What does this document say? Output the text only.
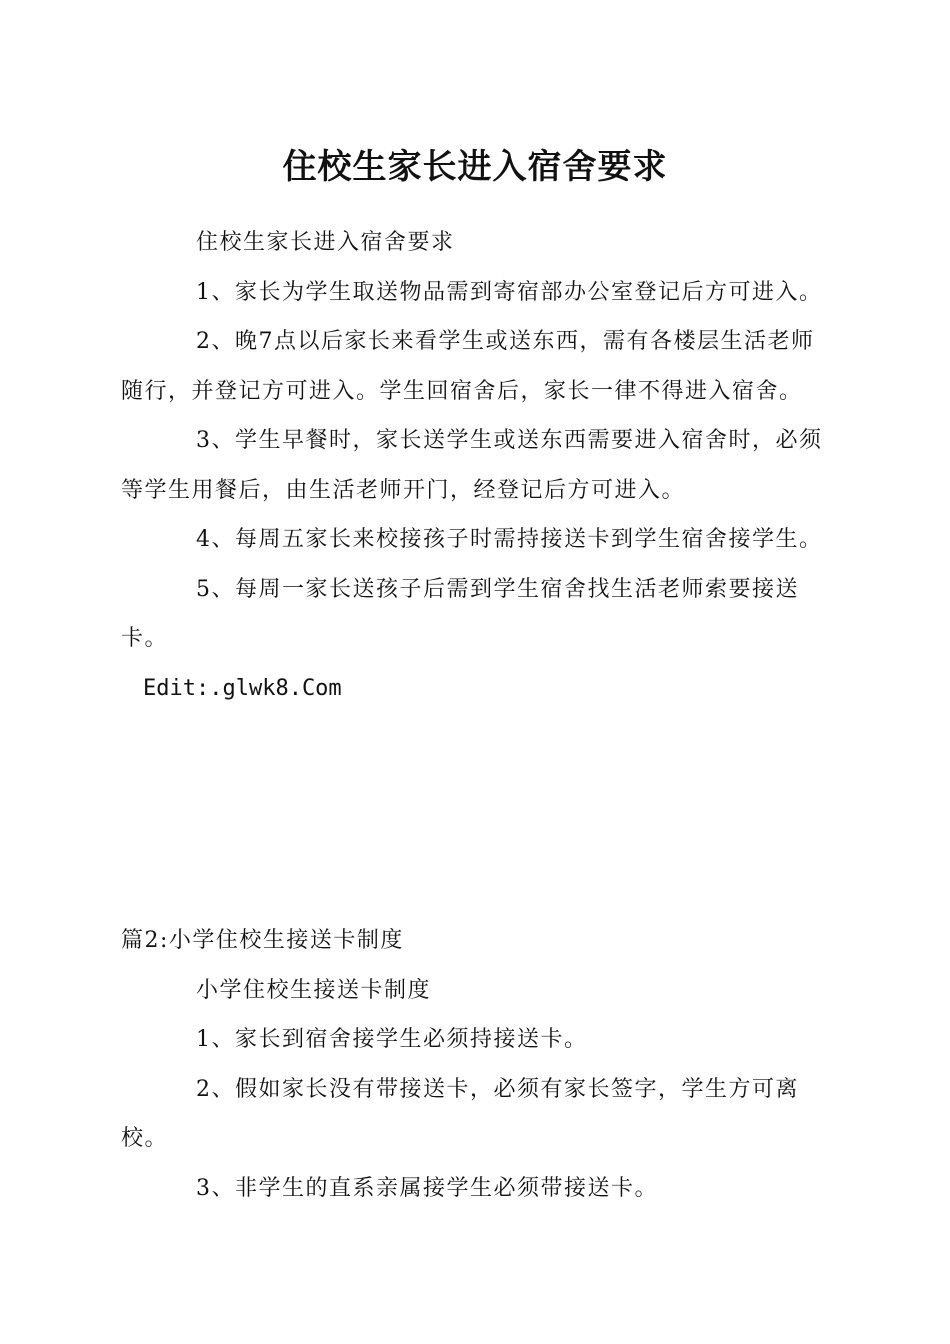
住校生家长进入宿舍要求

住校生家长进入宿舍要求

1、家长为学生取送物品需到寄宿部办公室登记后方可进入。

2、晚7点以后家长来看学生或送东西，需有各楼层生活老师随行，并登记方可进入。学生回宿舍后，家长一律不得进入宿舍。

3、学生早餐时，家长送学生或送东西需要进入宿舍时，必须等学生用餐后，由生活老师开门，经登记后方可进入。

4、每周五家长来校接孩子时需持接送卡到学生宿舍接学生。

5、每周一家长送孩子后需到学生宿舍找生活老师索要接送卡。

Edit:.glwk8.Com

篇2:小学住校生接送卡制度

小学住校生接送卡制度

1、家长到宿舍接学生必须持接送卡。

2、假如家长没有带接送卡，必须有家长签字，学生方可离校。

3、非学生的直系亲属接学生必须带接送卡。
